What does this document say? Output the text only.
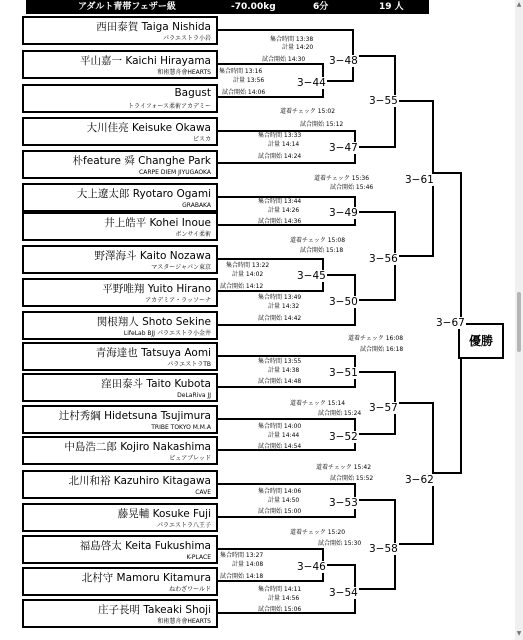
アダルト青帯フェザー級	-70.00kg	6分	19 人
西田泰賀 Taiga Nishida
パラエストラ小岩
平山嘉一 Kaichi Hirayama
和術慧舟會HEARTS
Bagust
トライフォース柔術アカデミー
大川佳亮 Keisuke Okawa
ピスカ
朴feature 舜 Changhe Park
CARPE DIEM JIYUGAOKA
大上遼太郎 Ryotaro Ogami
GRABAKA
井上皓平 Kohei Inoue
ボンサイ柔術
野澤海斗 Kaito Nozawa
マスタージャパン東京
平野唯翔 Yuito Hirano
アカデミア・ラッソーナ
関根翔人 Shoto Sekine
LifeLab BJJ パラエストラ小金井
青海達也 Tatsuya Aomi
パラエストラTB
窪田泰斗 Taito Kubota
DeLaRiva JJ
辻村秀綱 Hidetsuna Tsujimura
TRIBE TOKYO M.M.A
中島浩二郎 Kojiro Nakashima
ピュアブレッド
北川和裕 Kazuhiro Kitagawa
CAVE
藤晃輔 Kosuke Fuji
パラエストラ八王子
福島啓太 Keita Fukushima
K-PLACE
北村守 Mamoru Kitamura
ねわざワールド
庄子長明 Takeaki Shoji
和術慧舟會HEARTS
優勝
3−48
3−44
3−47
3−55
3−49
3−45
3−50
3−56
3−61
3−67
3−51
3−52
3−57
3−53
3−46
3−54
3−58
3−62
集合時間 13:38
計量 14:20
試合開始 14:30
集合時間 13:16
計量 13:56
試合開始 14:06
道着チェック 15:02
試合開始 15:12
集合時間 13:33
計量 14:14
試合開始 14:24
道着チェック 15:36
試合開始 15:46
集合時間 13:44
計量 14:26
試合開始 14:36
道着チェック 15:08
試合開始 15:18
集合時間 13:22
計量 14:02
試合開始 14:12
集合時間 13:49
計量 14:32
試合開始 14:42
道着チェック 16:08
試合開始 16:18
集合時間 13:55
計量 14:38
試合開始 14:48
道着チェック 15:14
試合開始 15:24
集合時間 14:00
計量 14:44
試合開始 14:54
道着チェック 15:42
試合開始 15:52
集合時間 14:06
計量 14:50
試合開始 15:00
道着チェック 15:20
試合開始 15:30
集合時間 13:27
計量 14:08
試合開始 14:18
集合時間 14:11
計量 14:56
試合開始 15:06
▲
▼
